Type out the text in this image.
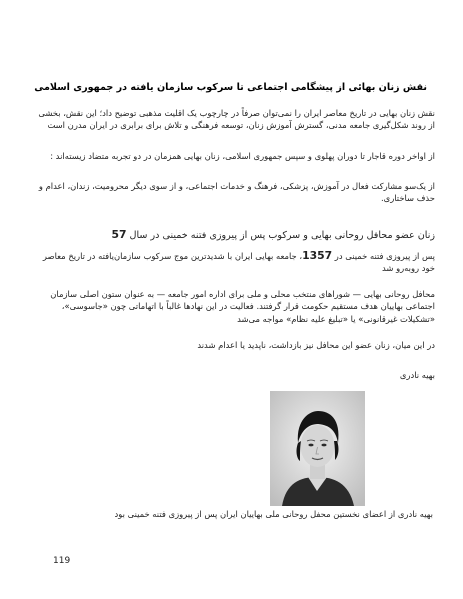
نقش زنان بهائی از پیشگامی اجتماعی تا سرکوب سازمان یافته در جمهوری اسلامی

نقش زنان بهایی در تاریخ معاصر ایران را نمی‌توان صرفاً در چارچوب یک اقلیت مذهبی توضیح داد؛ این نقش، بخشی از روند شکل‌گیری جامعه مدنی، گسترش آموزش زنان، توسعه فرهنگی و تلاش برای برابری در ایران مدرن است

از اواخر دوره قاجار تا دوران پهلوی و سپس جمهوری اسلامی، زنان بهایی همزمان در دو تجربه متضاد زیسته‌اند :

از یک‌سو مشارکت فعال در آموزش، پزشکی، فرهنگ و خدمات اجتماعی، و از سوی دیگر محرومیت، زندان، اعدام و حذف ساختاری.

زنان عضو محافل روحانی بهایی و سرکوب پس از پیروزی فتنه خمینی در سال 57

پس از پیروزی فتنه خمینی در 1357، جامعه بهایی ایران با شدیدترین موج سرکوب سازمان‌یافته در تاریخ معاصر خود روبه‌رو شد

محافل روحانی بهایی — شوراهای منتخب محلی و ملی برای اداره امور جامعه — به عنوان ستون اصلی سازمان اجتماعی بهاییان هدف مستقیم حکومت قرار گرفتند. فعالیت در این نهادها غالباً با اتهاماتی چون «جاسوسی»، «تشکیلات غیرقانونی» یا «تبلیغ علیه نظام» مواجه می‌شد

در این میان، زنان عضو این محافل نیز بازداشت، ناپدید یا اعدام شدند

بهیه نادری

بهیه نادری از اعضای نخستین محفل روحانی ملی بهاییان ایران پس از پیروزی فتنه خمینی بود

119
